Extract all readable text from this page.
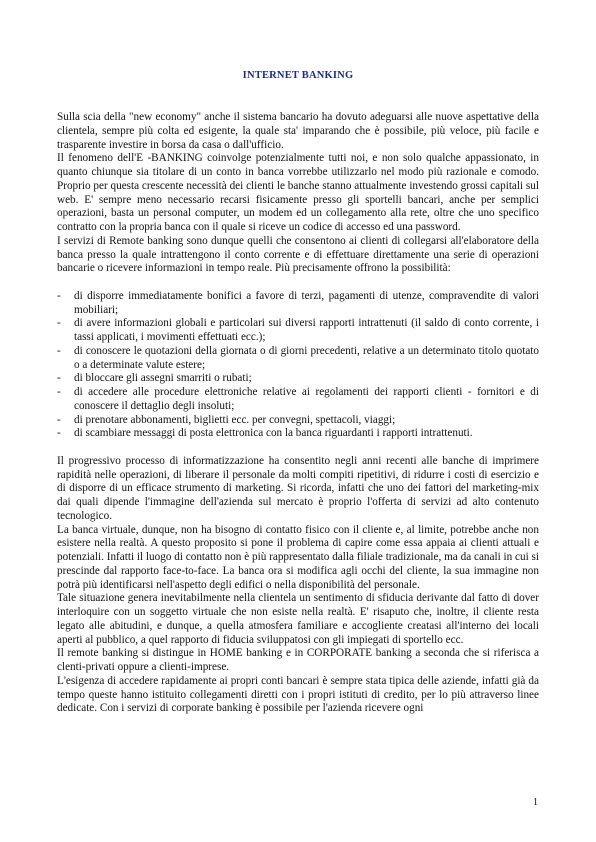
INTERNET BANKING

Sulla scia della "new economy" anche il sistema bancario ha dovuto adeguarsi alle nuove aspettative della clientela, sempre più colta ed esigente, la quale sta' imparando che è possibile, più veloce, più facile e trasparente investire in borsa da casa o dall'ufficio.

Il fenomeno dell'E -BANKING coinvolge potenzialmente tutti noi, e non solo qualche appassionato, in quanto chiunque sia titolare di un conto in banca vorrebbe utilizzarlo nel modo più razionale e comodo. Proprio per questa crescente necessità dei clienti le banche stanno attualmente investendo grossi capitali sul web. E' sempre meno necessario recarsi fisicamente presso gli sportelli bancari, anche per semplici operazioni, basta un personal computer, un modem ed un collegamento alla rete, oltre che uno specifico contratto con la propria banca con il quale si riceve un codice di accesso ed una password.

I servizi di Remote banking sono dunque quelli che consentono ai clienti di collegarsi all'elaboratore della banca presso la quale intrattengono il conto corrente e di effettuare direttamente una serie di operazioni bancarie o ricevere informazioni in tempo reale. Più precisamente offrono la possibilità:

- di disporre immediatamente bonifici a favore di terzi, pagamenti di utenze, compravendite di valori mobiliari;
- di avere informazioni globali e particolari sui diversi rapporti intrattenuti (il saldo di conto corrente, i tassi applicati, i movimenti effettuati ecc.);
- di conoscere le quotazioni della giornata o di giorni precedenti, relative a un determinato titolo quotato o a determinate valute estere;
- di bloccare gli assegni smarriti o rubati;
- di accedere alle procedure elettroniche relative ai regolamenti dei rapporti clienti - fornitori e di conoscere il dettaglio degli insoluti;
- di prenotare abbonamenti, biglietti ecc. per convegni, spettacoli, viaggi;
- di scambiare messaggi di posta elettronica con la banca riguardanti i rapporti intrattenuti.

Il progressivo processo di informatizzazione ha consentito negli anni recenti alle banche di imprimere rapidità nelle operazioni, di liberare il personale da molti compiti ripetitivi, di ridurre i costi di esercizio e di disporre di un efficace strumento di marketing. Si ricorda, infatti che uno dei fattori del marketing-mix dai quali dipende l'immagine dell'azienda sul mercato è proprio l'offerta di servizi ad alto contenuto tecnologico.

La banca virtuale, dunque, non ha bisogno di contatto fisico con il cliente e, al limite, potrebbe anche non esistere nella realtà. A questo proposito si pone il problema di capire come essa appaia ai clienti attuali e potenziali. Infatti il luogo di contatto non è più rappresentato dalla filiale tradizionale, ma da canali in cui si prescinde dal rapporto face-to-face. La banca ora si modifica agli occhi del cliente, la sua immagine non potrà più identificarsi nell'aspetto degli edifici o nella disponibilità del personale.

Tale situazione genera inevitabilmente nella clientela un sentimento di sfiducia derivante dal fatto di dover interloquire con un soggetto virtuale che non esiste nella realtà. E' risaputo che, inoltre, il cliente resta legato alle abitudini, e dunque, a quella atmosfera familiare e accogliente creatasi all'interno dei locali aperti al pubblico, a quel rapporto di fiducia sviluppatosi con gli impiegati di sportello ecc.

Il remote banking si distingue in HOME banking e in CORPORATE banking a seconda che si riferisca a clenti-privati oppure a clienti-imprese.

L'esigenza di accedere rapidamente ai propri conti bancari è sempre stata tipica delle aziende, infatti già da tempo queste hanno istituito collegamenti diretti con i propri istituti di credito, per lo più attraverso linee dedicate. Con i servizi di corporate banking è possibile per l'azienda ricevere ogni

1
